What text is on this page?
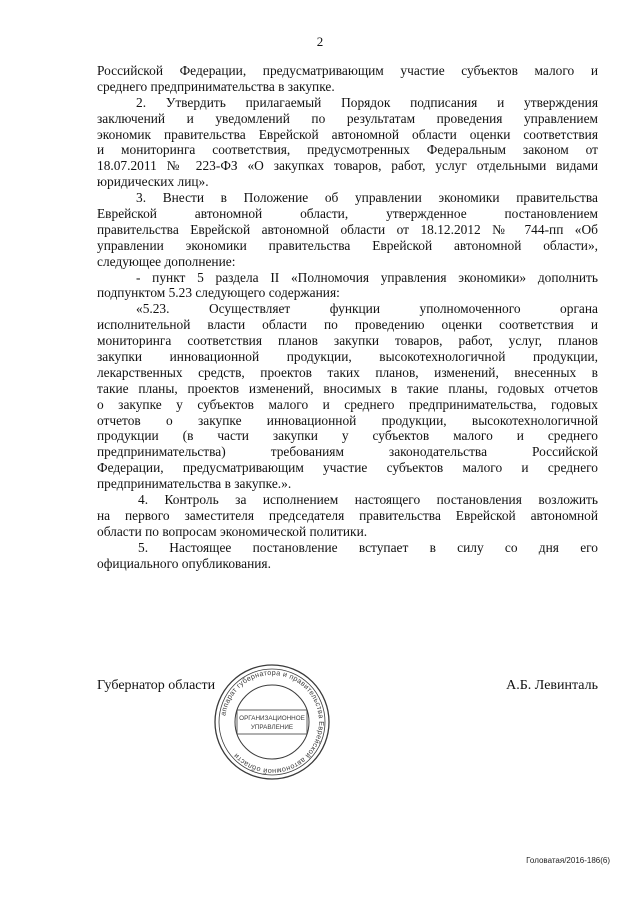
2
Российской Федерации, предусматривающим участие субъектов малого и
среднего предпринимательства в закупке.
2. Утвердить прилагаемый Порядок подписания и утверждения
заключений и уведомлений по результатам проведения управлением
экономик правительства Еврейской автономной области оценки соответствия
и мониторинга соответствия, предусмотренных Федеральным законом от
18.07.2011 № 223-ФЗ «О закупках товаров, работ, услуг отдельными видами
юридических лиц».
3. Внести в Положение об управлении экономики правительства
Еврейской автономной области, утвержденное постановлением
правительства Еврейской автономной области от 18.12.2012 № 744-пп «Об
управлении экономики правительства Еврейской автономной области»,
следующее дополнение:
- пункт 5 раздела II «Полномочия управления экономики» дополнить
подпунктом 5.23 следующего содержания:
«5.23. Осуществляет функции уполномоченного органа
исполнительной власти области по проведению оценки соответствия и
мониторинга соответствия планов закупки товаров, работ, услуг, планов
закупки инновационной продукции, высокотехнологичной продукции,
лекарственных средств, проектов таких планов, изменений, внесенных в
такие планы, проектов изменений, вносимых в такие планы, годовых отчетов
о закупке у субъектов малого и среднего предпринимательства, годовых
отчетов о закупке инновационной продукции, высокотехнологичной
продукции (в части закупки у субъектов малого и среднего
предпринимательства) требованиям законодательства Российской
Федерации, предусматривающим участие субъектов малого и среднего
предпринимательства в закупке.».
4. Контроль за исполнением настоящего постановления возложить
на первого заместителя председателя правительства Еврейской автономной
области по вопросам экономической политики.
5. Настоящее постановление вступает в силу со дня его
официального опубликования.
Губернатор области	А.Б. Левинталь
аппарат губернатора и правительства Еврейской автономной области
ОРГАНИЗАЦИОННОЕ
УПРАВЛЕНИЕ
Головатая/2016-186(6)
